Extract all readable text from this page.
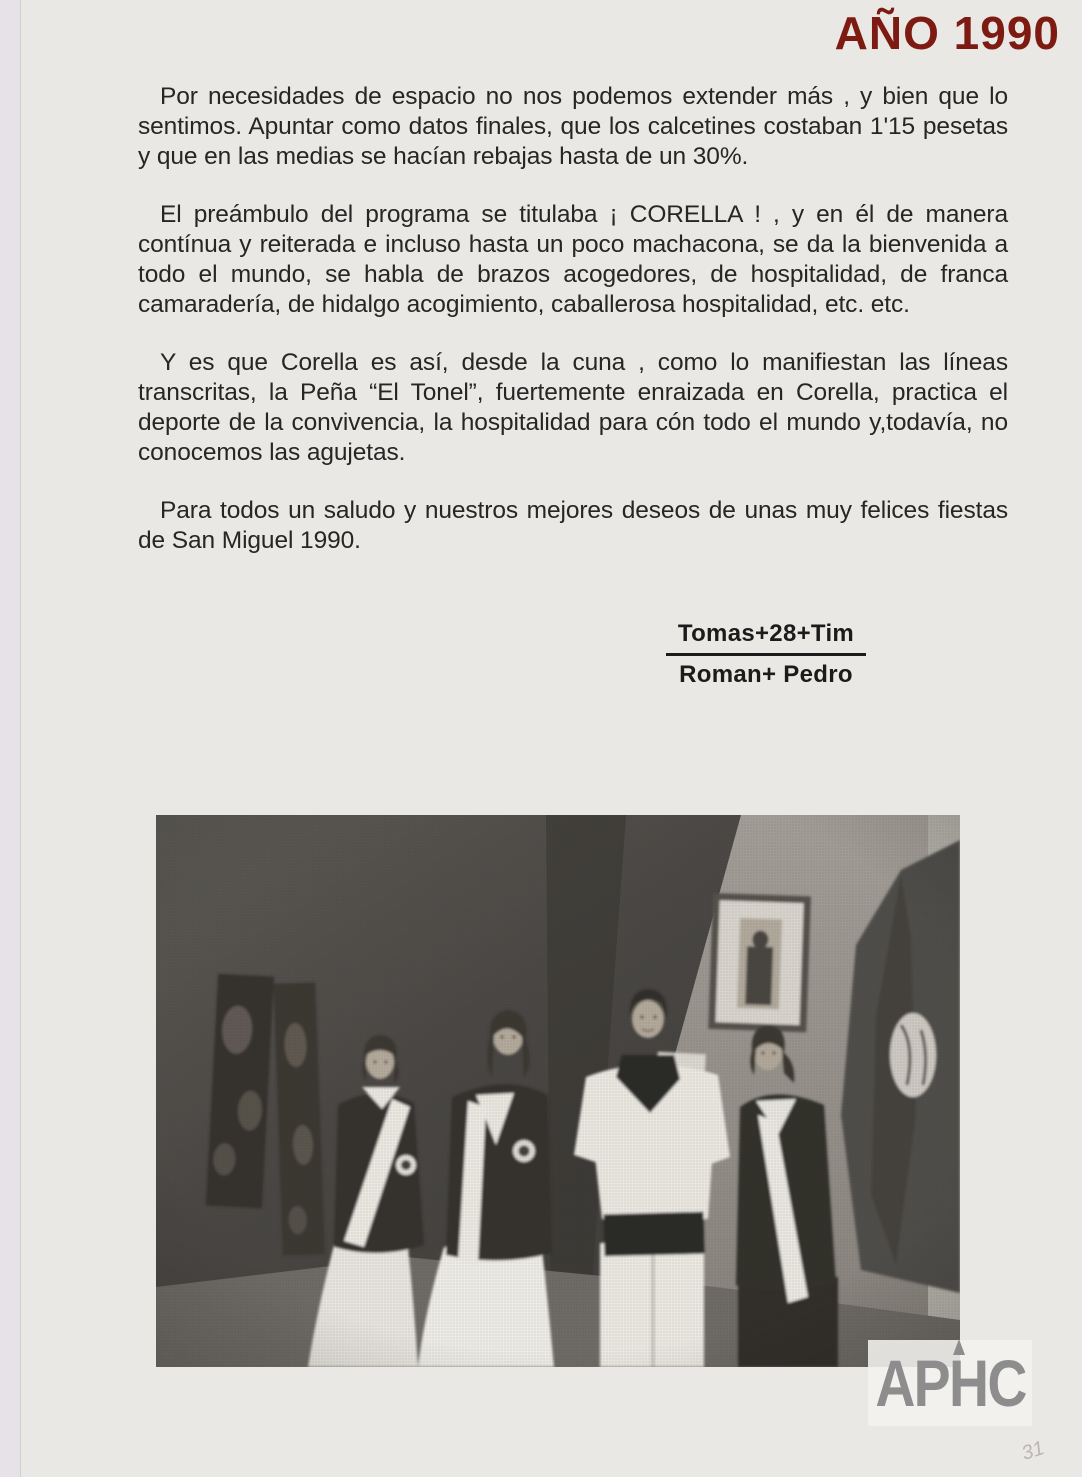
AÑO 1990

Por necesidades de espacio no nos podemos extender más , y bien que lo sentimos. Apuntar como datos finales, que los calcetines costaban 1'15 pesetas y que en las medias se hacían rebajas hasta de un 30%.

El preámbulo del programa se titulaba ¡ CORELLA ! , y en él de manera contínua y reiterada e incluso hasta un poco machacona, se da la bienvenida a todo el mundo, se habla de brazos acogedores, de hospitalidad, de franca camaradería, de hidalgo acogimiento, caballerosa hospitalidad, etc. etc.

Y es que Corella es así, desde la cuna , como lo manifiestan las líneas transcritas, la Peña “El Tonel”, fuertemente enraizada en Corella, practica el deporte de la convivencia, la hospitalidad para cón todo el mundo y,todavía, no conocemos las agujetas.

Para todos un saludo y nuestros mejores deseos de unas muy felices fiestas de San Miguel 1990.

Tomas+28+Tim
Roman+ Pedro
APHC
31
